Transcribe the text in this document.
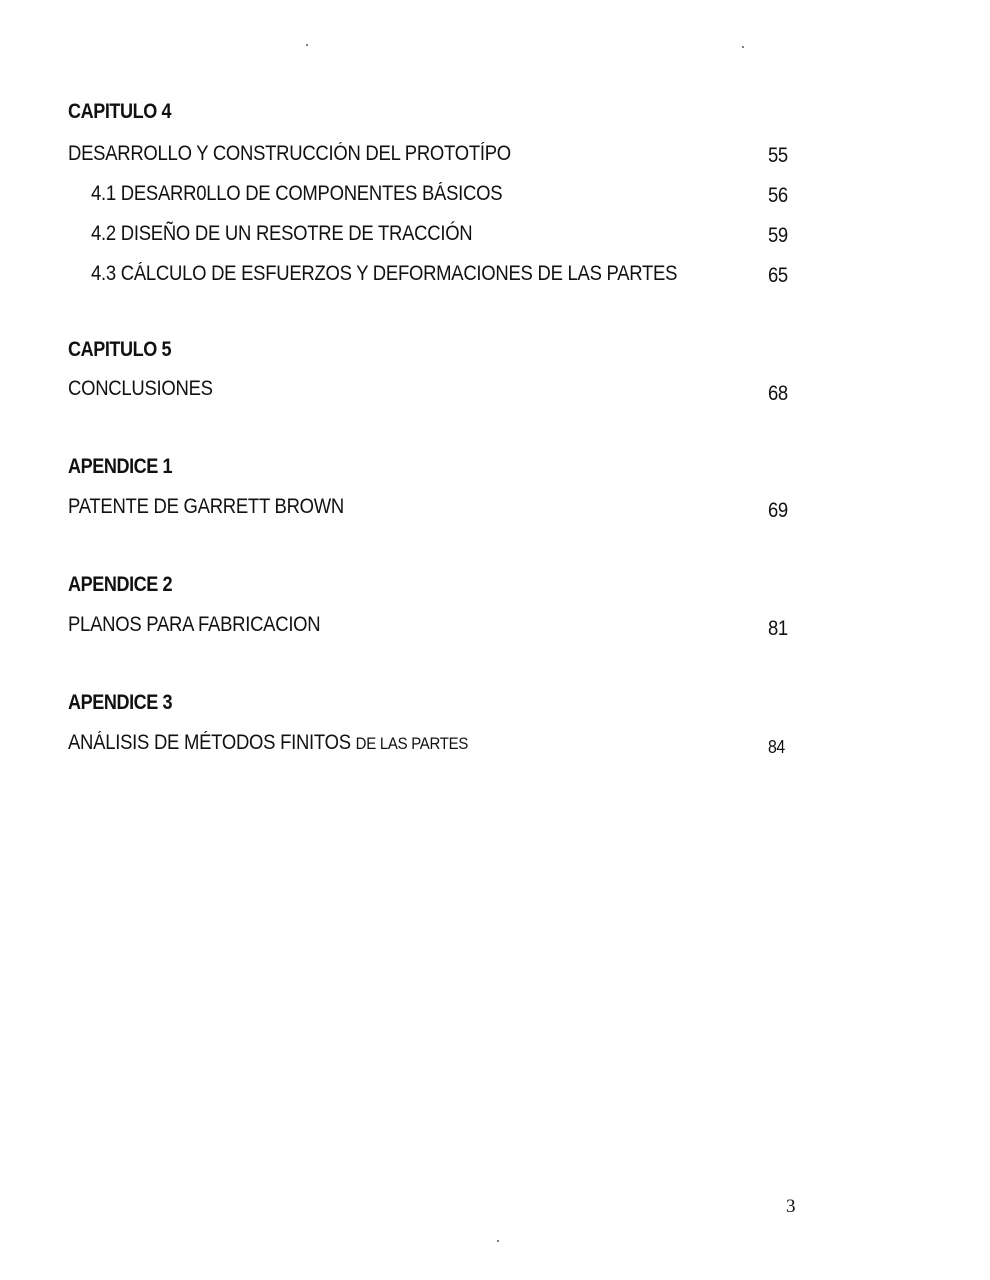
CAPITULO 4
DESARROLLO Y CONSTRUCCIÓN DEL PROTOTÍPO	55
4.1 DESARR0LLO DE COMPONENTES BÁSICOS	56
4.2 DISEÑO DE UN RESOTRE DE TRACCIÓN	59
4.3 CÁLCULO DE ESFUERZOS Y DEFORMACIONES DE LAS PARTES	65
CAPITULO 5
CONCLUSIONES	68
APENDICE 1
PATENTE DE GARRETT BROWN	69
APENDICE 2
PLANOS PARA FABRICACION	81
APENDICE 3
ANÁLISIS DE MÉTODOS FINITOS DE LAS PARTES	84
3
